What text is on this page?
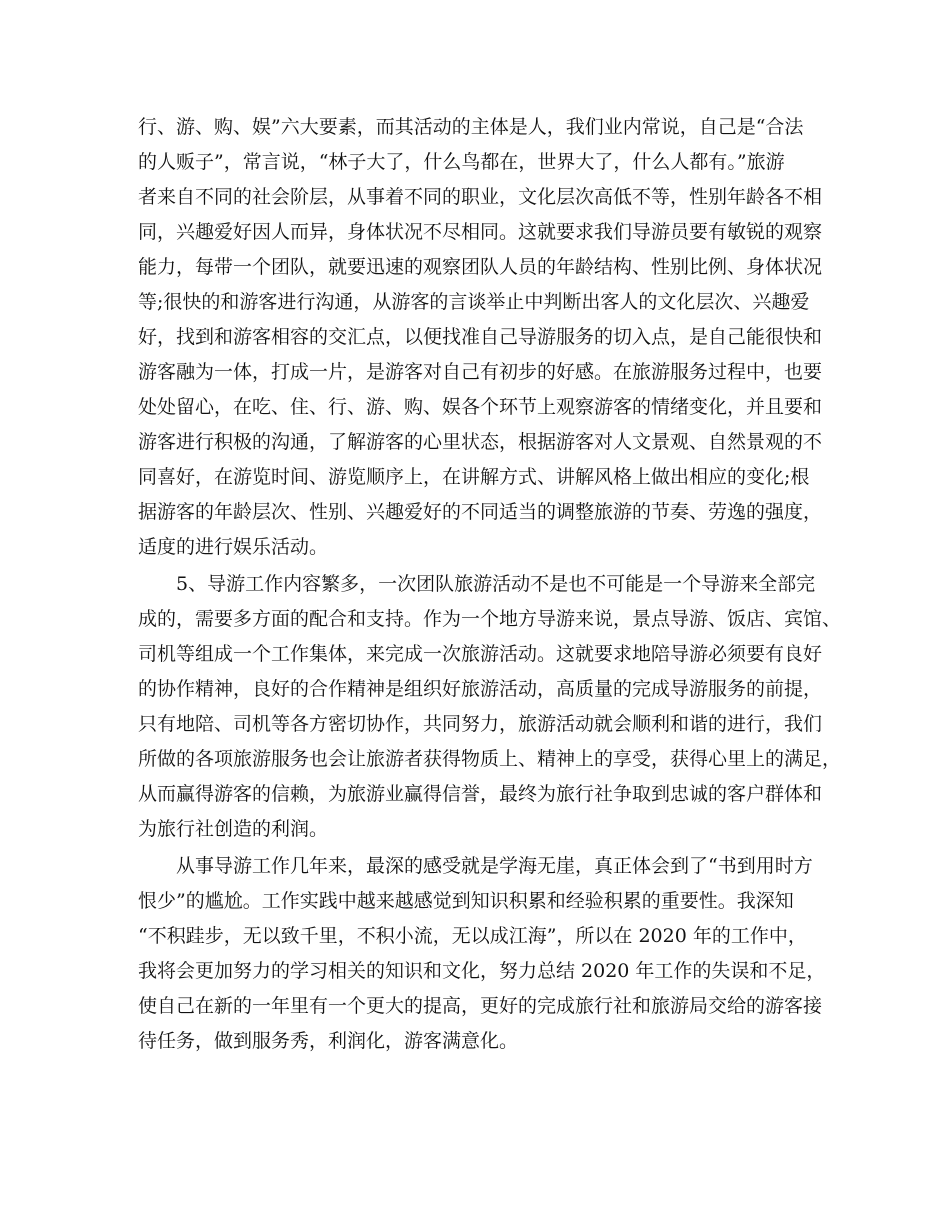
行、游、购、娱”六大要素，而其活动的主体是人，我们业内常说，自己是“合法
的人贩子”，常言说，“林子大了，什么鸟都在，世界大了，什么人都有。”旅游
者来自不同的社会阶层，从事着不同的职业，文化层次高低不等，性别年龄各不相
同，兴趣爱好因人而异，身体状况不尽相同。这就要求我们导游员要有敏锐的观察
能力，每带一个团队，就要迅速的观察团队人员的年龄结构、性别比例、身体状况
等;很快的和游客进行沟通，从游客的言谈举止中判断出客人的文化层次、兴趣爱
好，找到和游客相容的交汇点，以便找准自己导游服务的切入点，是自己能很快和
游客融为一体，打成一片，是游客对自己有初步的好感。在旅游服务过程中，也要
处处留心，在吃、住、行、游、购、娱各个环节上观察游客的情绪变化，并且要和
游客进行积极的沟通，了解游客的心里状态，根据游客对人文景观、自然景观的不
同喜好，在游览时间、游览顺序上，在讲解方式、讲解风格上做出相应的变化;根
据游客的年龄层次、性别、兴趣爱好的不同适当的调整旅游的节奏、劳逸的强度，
适度的进行娱乐活动。
5、导游工作内容繁多，一次团队旅游活动不是也不可能是一个导游来全部完
成的，需要多方面的配合和支持。作为一个地方导游来说，景点导游、饭店、宾馆、
司机等组成一个工作集体，来完成一次旅游活动。这就要求地陪导游必须要有良好
的协作精神，良好的合作精神是组织好旅游活动，高质量的完成导游服务的前提，
只有地陪、司机等各方密切协作，共同努力，旅游活动就会顺利和谐的进行，我们
所做的各项旅游服务也会让旅游者获得物质上、精神上的享受，获得心里上的满足，
从而赢得游客的信赖，为旅游业赢得信誉，最终为旅行社争取到忠诚的客户群体和
为旅行社创造的利润。
从事导游工作几年来，最深的感受就是学海无崖，真正体会到了“书到用时方
恨少”的尴尬。工作实践中越来越感觉到知识积累和经验积累的重要性。我深知
“不积跬步，无以致千里，不积小流，无以成江海”，所以在 2020 年的工作中，
我将会更加努力的学习相关的知识和文化，努力总结 2020 年工作的失误和不足，
使自己在新的一年里有一个更大的提高，更好的完成旅行社和旅游局交给的游客接
待任务，做到服务秀，利润化，游客满意化。
